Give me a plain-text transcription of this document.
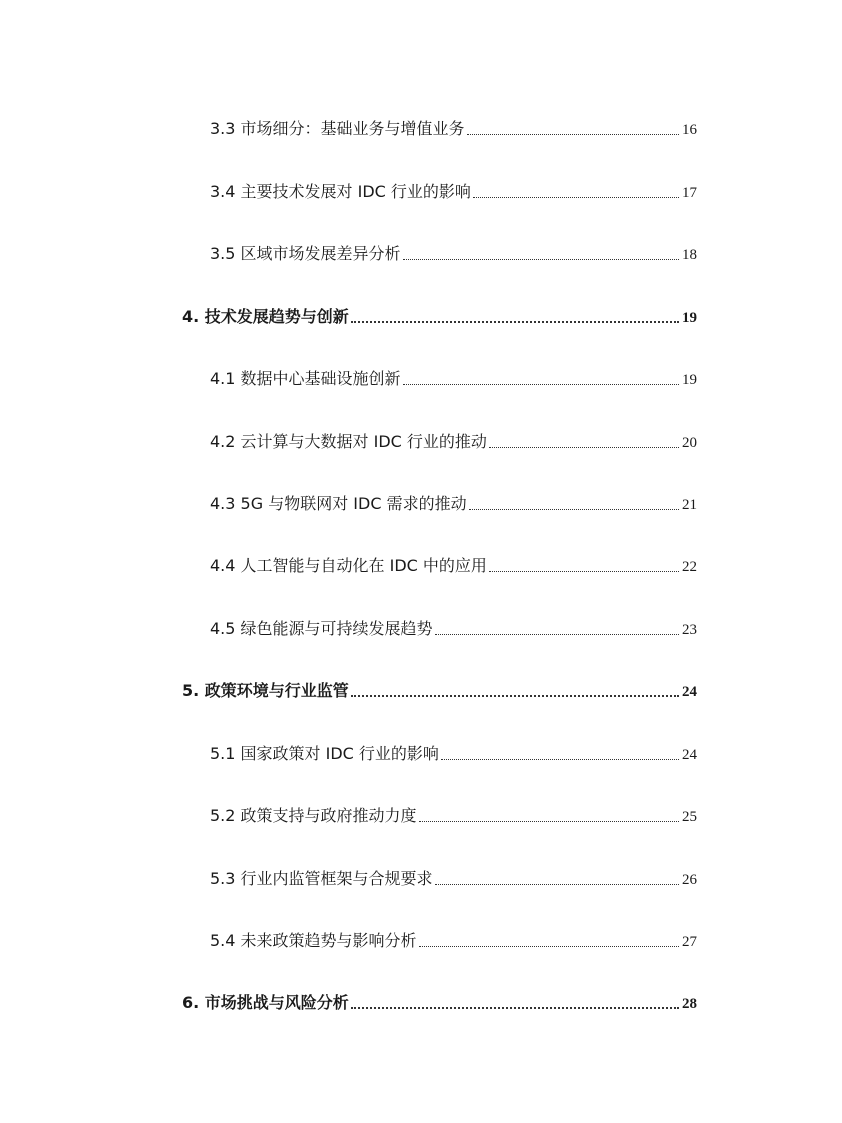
3.3 市场细分：基础业务与增值业务	16
3.4 主要技术发展对 IDC 行业的影响	17
3.5 区域市场发展差异分析	18
4. 技术发展趋势与创新	19
4.1 数据中心基础设施创新	19
4.2 云计算与大数据对 IDC 行业的推动	20
4.3 5G 与物联网对 IDC 需求的推动	21
4.4 人工智能与自动化在 IDC 中的应用	22
4.5 绿色能源与可持续发展趋势	23
5. 政策环境与行业监管	24
5.1 国家政策对 IDC 行业的影响	24
5.2 政策支持与政府推动力度	25
5.3 行业内监管框架与合规要求	26
5.4 未来政策趋势与影响分析	27
6. 市场挑战与风险分析	28
